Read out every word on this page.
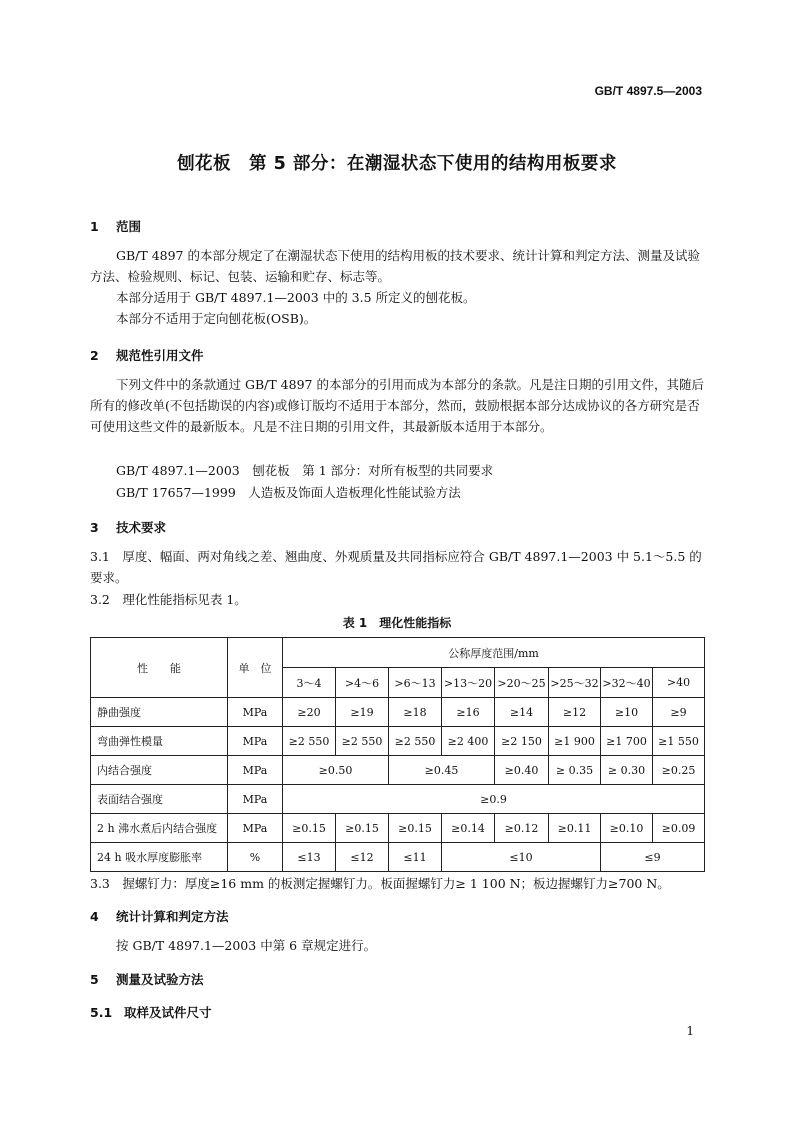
GB/T 4897.5—2003
刨花板　第 5 部分：在潮湿状态下使用的结构用板要求
1 范围
GB/T 4897 的本部分规定了在潮湿状态下使用的结构用板的技术要求、统计计算和判定方法、测量及试验方法、检验规则、标记、包装、运输和贮存、标志等。
本部分适用于 GB/T 4897.1—2003 中的 3.5 所定义的刨花板。
本部分不适用于定向刨花板(OSB)。
2 规范性引用文件
下列文件中的条款通过 GB/T 4897 的本部分的引用而成为本部分的条款。凡是注日期的引用文件，其随后所有的修改单(不包括勘误的内容)或修订版均不适用于本部分，然而，鼓励根据本部分达成协议的各方研究是否可使用这些文件的最新版本。凡是不注日期的引用文件，其最新版本适用于本部分。
GB/T 4897.1—2003　刨花板　第 1 部分：对所有板型的共同要求
GB/T 17657—1999　人造板及饰面人造板理化性能试验方法
3 技术要求
3.1　厚度、幅面、两对角线之差、翘曲度、外观质量及共同指标应符合 GB/T 4897.1—2003 中 5.1～5.5 的要求。
3.2　理化性能指标见表 1。
表 1　理化性能指标
性　　能	单　位	公称厚度范围/mm							
		3～4	>4～6	>6～13	>13～20	>20～25	>25～32	>32～40	>40
静曲强度	MPa	≥20	≥19	≥18	≥16	≥14	≥12	≥10	≥9
弯曲弹性模量	MPa	≥2 550	≥2 550	≥2 550	≥2 400	≥2 150	≥1 900	≥1 700	≥1 550
内结合强度	MPa	≥0.50		≥0.45		≥0.40	≥ 0.35	≥ 0.30	≥0.25
表面结合强度	MPa	≥0.9							
2 h 沸水煮后内结合强度	MPa	≥0.15	≥0.15	≥0.15	≥0.14	≥0.12	≥0.11	≥0.10	≥0.09
24 h 吸水厚度膨胀率	%	≤13	≤12	≤11	≤10			≤9	
3.3　握螺钉力：厚度≥16 mm 的板测定握螺钉力。板面握螺钉力≥ 1 100 N；板边握螺钉力≥700 N。
4 统计计算和判定方法
按 GB/T 4897.1—2003 中第 6 章规定进行。
5 测量及试验方法
5.1 取样及试件尺寸
1
